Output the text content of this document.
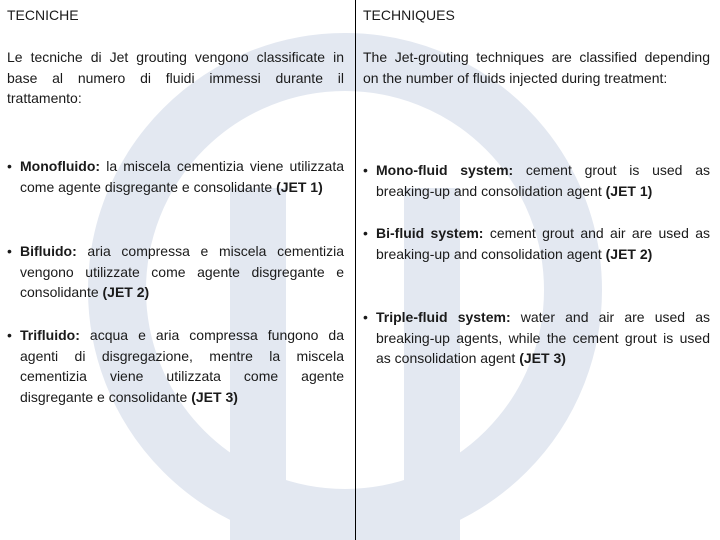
TECNICHE
Le tecniche di Jet grouting vengono classificate in base al numero di fluidi immessi durante il trattamento:
• Monofluido: la miscela cementizia viene utilizzata come agente disgregante e consolidante (JET 1)
• Bifluido: aria compressa e miscela cementizia vengono utilizzate come agente disgregante e consolidante (JET 2)
• Trifluido: acqua e aria compressa fungono da agenti di disgregazione, mentre la miscela cementizia viene utilizzata come agente disgregante e consolidante (JET 3)
TECHNIQUES
The Jet-grouting techniques are classified depending on the number of fluids injected during treatment:
• Mono-fluid system: cement grout is used as breaking-up and consolidation agent (JET 1)
• Bi-fluid system: cement grout and air are used as breaking-up and consolidation agent (JET 2)
• Triple-fluid system: water and air are used as breaking-up agents, while the cement grout is used as consolidation agent (JET 3)
